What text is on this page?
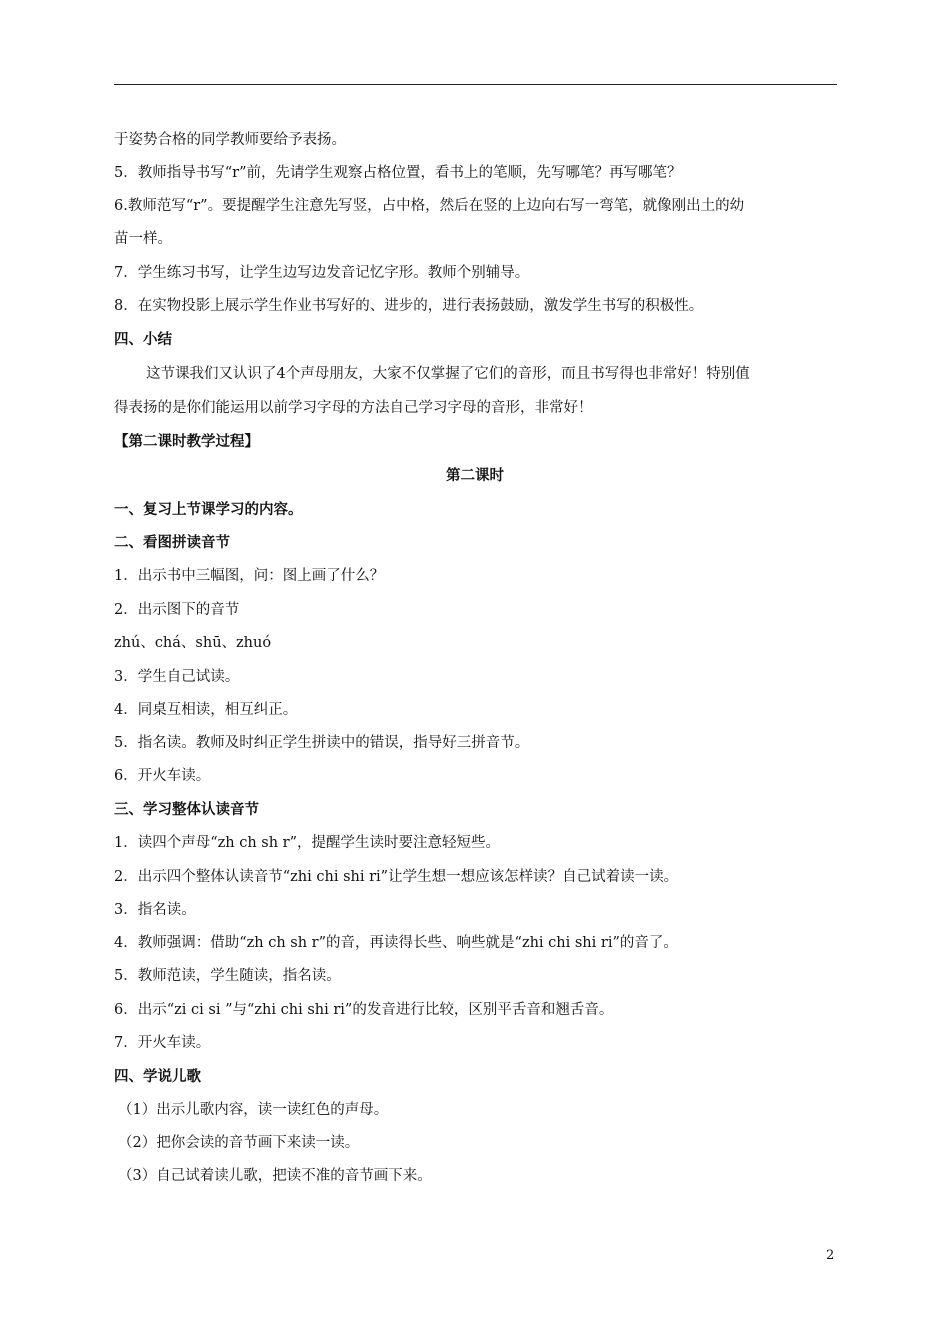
于姿势合格的同学教师要给予表扬。
5．教师指导书写“r”前，先请学生观察占格位置，看书上的笔顺，先写哪笔？再写哪笔？
6.教师范写“r”。要提醒学生注意先写竖，占中格，然后在竖的上边向右写一弯笔，就像刚出土的幼
苗一样。
7．学生练习书写，让学生边写边发音记忆字形。教师个别辅导。
8．在实物投影上展示学生作业书写好的、进步的，进行表扬鼓励，激发学生书写的积极性。
四、小结
这节课我们又认识了4个声母朋友，大家不仅掌握了它们的音形，而且书写得也非常好！特别值
得表扬的是你们能运用以前学习字母的方法自己学习字母的音形，非常好！
【第二课时教学过程】
第二课时
一、复习上节课学习的内容。
二、看图拼读音节
1．出示书中三幅图，问：图上画了什么？
2．出示图下的音节
zhú、chá、shū、zhuó
3．学生自己试读。
4．同桌互相读，相互纠正。
5．指名读。教师及时纠正学生拼读中的错误，指导好三拼音节。
6．开火车读。
三、学习整体认读音节
1．读四个声母“zh ch sh r”，提醒学生读时要注意轻短些。
2．出示四个整体认读音节“zhi chi shi ri”让学生想一想应该怎样读？自己试着读一读。
3．指名读。
4．教师强调：借助“zh ch sh r”的音，再读得长些、响些就是“zhi chi shi ri”的音了。
5．教师范读，学生随读，指名读。
6．出示“zi ci si ”与“zhi chi shi ri”的发音进行比较，区别平舌音和翘舌音。
7．开火车读。
四、学说儿歌
（1）出示儿歌内容，读一读红色的声母。
（2）把你会读的音节画下来读一读。
（3）自己试着读儿歌，把读不准的音节画下来。
2
